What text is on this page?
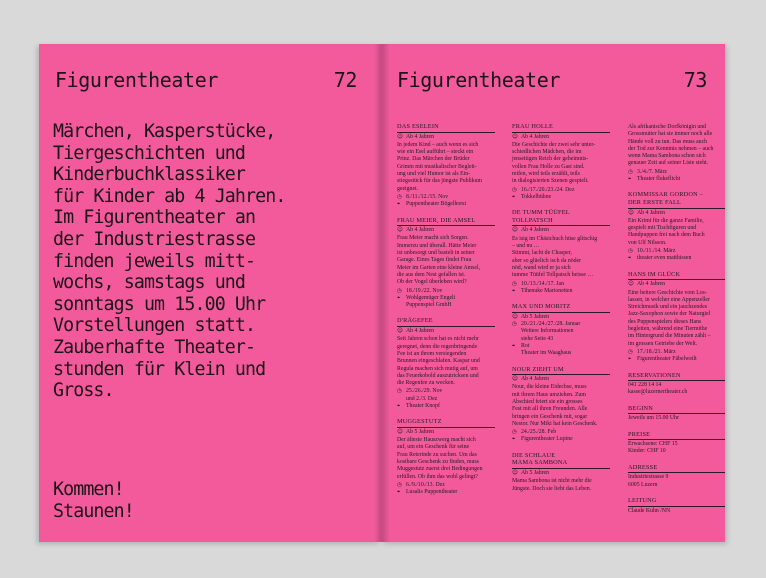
Figurentheater	72
Märchen, Kasperstücke,
Tiergeschichten und
Kinderbuchklassiker
für Kinder ab 4 Jahren.
Im Figurentheater an
der Industriestrasse
finden jeweils mitt-
wochs, samstags und
sonntags um 15.00 Uhr
Vorstellungen statt.
Zauberhafte Theater-
stunden für Klein und
Gross.
Kommen!
Staunen!
Figurentheater	73
DAS ESELEIN
☺ Ab 4 Jahren
In jedem Kind – auch wenn es sich
wie ein Esel aufführt – steckt ein
Prinz. Das Märchen der Brüder
Grimm mit musikalischer Begleit-
ung und viel Humor ist als Ein-
stiegsstück für das jüngste Publikum
geeignet.
◷ 8./11./12./15. Nov
⌖	Puppentheater Bögelhorst
FRAU MEIER, DIE AMSEL
☺ Ab 4 Jahren
Frau Meier macht sich Sorgen.
Immerzu und überall. Hätte Meier
ist unbesorgt und bastelt in seiner
Garage. Eines Tages findet Frau
Meier im Garten eine kleine Amsel,
die aus dem Nest gefallen ist.
Ob der Vogel überleben wird?
◷ 18./19./22. Nov
⌖	Wohlgemüger Engeli
Puppenspiel GmbH
D'RÄGEFEE
☺ Ab 4 Jahren
Seit Jahren schon hat es nicht mehr
geregnet, denn die regenbringende
Fee ist an ihrem versiegenden
Brunnen eingeschlafen. Kaspar und
Regula machen sich mutig auf, um
das Feuerkobold auszutricksen und
die Regenfee zu wecken.
◷ 25./26./29. Nov
und 2./3. Dez
⌖	Theater Knopf
MUGGESTUTZ
☺ Ab 5 Jahren
Der älteste Hauszwerg macht sich
auf, um ein Geschenk für seine
Frau Reterinde zu suchen. Um das
kostbare Geschenk zu finden, muss
Muggestutz zuerst drei Bedingungen
erfüllen. Ob ihm das wohl gelingt?
◷ 6./9./10./13. Dez
⌖	Lusalis Puppentheater
FRAU HOLLE
☺ Ab 4 Jahren
Die Geschichte der zwei sehr unter-
schiedlichen Mädchen, die im
jenseitigen Reich der geheimnis-
vollen Frau Holle zu Gast sind.
reifen, wird teils erzählt, teils
in dialogisierten Szenen gespielt.
◷ 16./17./20./23./24. Dez
⌖	Tokkelbühne
DE TUMM TÜÜFEL
TOLLPATSCH
☺ Ab 4 Jahren
Es isig im Chäsichuch hüse glitschig
– und nu …
Stimmt, lacht de Chasper,
aber so glüelich isch da nöder
nöd, wand wird er ja sich
tumme Tüüfel Tollpatsch heisse …
◷ 10./13./14./17. Jan
⌖	Tihenuke Marionetten
MAX UND MORITZ
☺ Ab 5 Jahren
◷ 20./21./24./27./28. Januar
Weitere Informationen
siehe Seite 43
⌖	Rot
Theater im Waaghaus
NOUR ZIEHT UM
☺ Ab 4 Jahren
Nour, die kleine Eidechse, muss
mit ihrem Haus umziehen. Zum
Abschied feiert sie ein grosses
Fest mit all ihren Freunden. Alle
bringen ein Geschenk mit, sogar
Nestor. Nur Miki hat kein Geschenk.
◷ 24./25./28. Feb
⌖	Figurentheater Lupine
DIE SCHLAUE
MAMA SAMBONA
☺ Ab 5 Jahren
Mama Sambona ist nicht mehr die
Jüngste. Doch sie liebt das Leben.
Als afrikanische Dorfkönigin und
Grossmutter hat sie immer noch alle
Hände voll zu tun. Das muss auch
der Tod zur Kenntnis nehmen – auch
wenn Mama Sambona schon sich
genauer Zeit auf seiner Liste steht.
◷ 3./4./7. März
⌖	Theater flukeflicht
KOMMISSAR GORDON –
DER ERSTE FALL
☺ Ab 4 Jahren
Ein Krimi für die ganze Familie,
gespielt mit Tischfiguren und
Handpuppen frei nach dem Buch
von Ulf Nilsson.
◷ 10./11./14. März
⌖	theater even matthissen
HANS IM GLÜCK
☺ Ab 4 Jahren
Eine heitere Geschichte vom Los-
lassen, in welcher eine Appenzeller
Streichmusik und ein jauchzendes
Jazz-Saxophon sowie der Naturgiel
des Puppenspielers dieses Hans
begleiten, während eine Tiermithe
im Hintergrund die Minuten zählt –
im grossen Getriebe der Welt.
◷ 17./18./21. März
⌖	Figurentheater Fäbelweilt
RESERVATIONEN
041 228 14 14
kasse@luzernertheater.ch
BEGINN
Jeweils um 15.00 Uhr
PREISE
Erwachsene: CHF 15
Kinder: CHF 10
ADRESSE
Industriestrasse 9
6005 Luzern
LEITUNG
Claude Kuhn /NN
